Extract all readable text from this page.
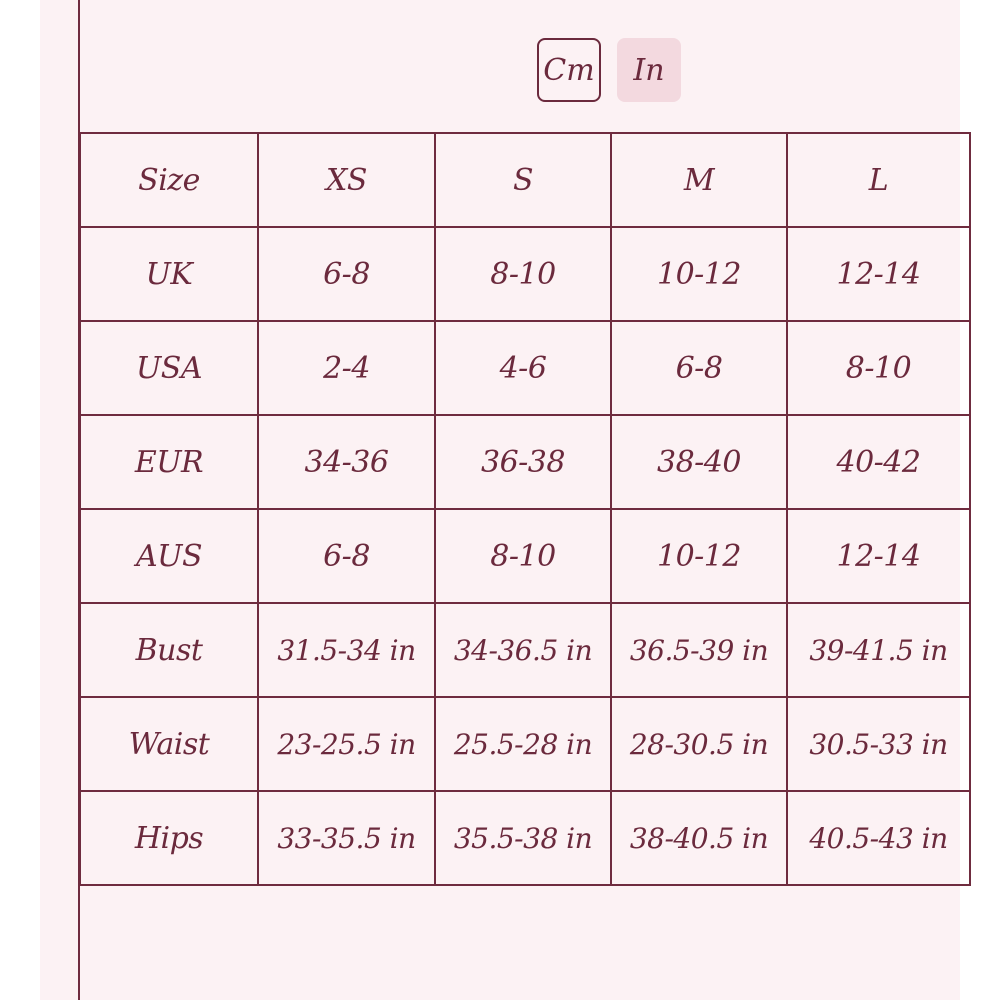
Cm	In
Size	XS	S	M	L
UK	6-8	8-10	10-12	12-14
USA	2-4	4-6	6-8	8-10
EUR	34-36	36-38	38-40	40-42
AUS	6-8	8-10	10-12	12-14
Bust	31.5-34 in	34-36.5 in	36.5-39 in	39-41.5 in
Waist	23-25.5 in	25.5-28 in	28-30.5 in	30.5-33 in
Hips	33-35.5 in	35.5-38 in	38-40.5 in	40.5-43 in
